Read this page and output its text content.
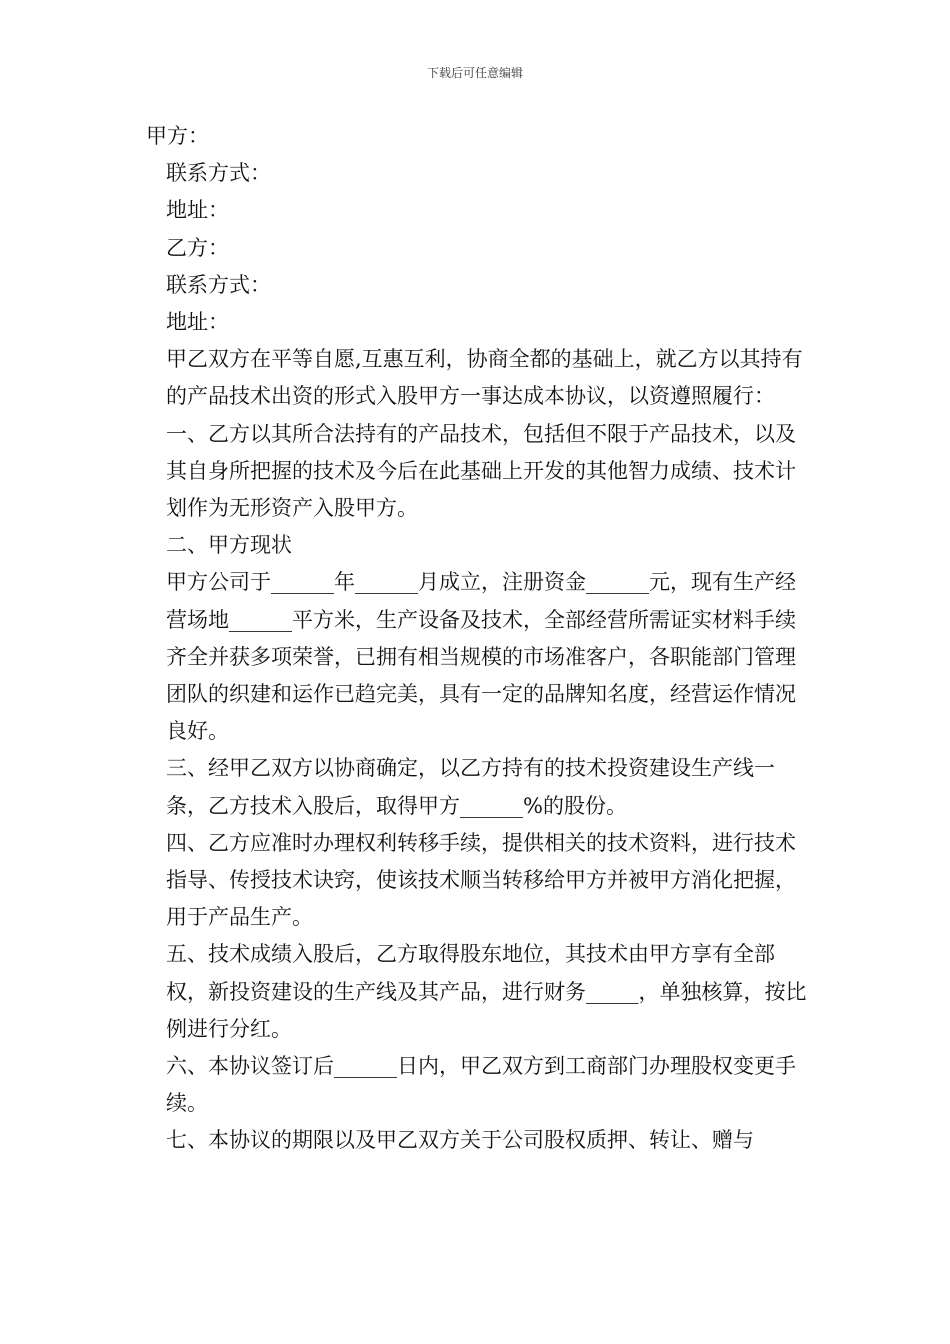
下载后可任意编辑

甲方：

联系方式：

地址：

乙方：

联系方式：

地址：

甲乙双方在平等自愿,互惠互利，协商全都的基础上，就乙方以其持有的产品技术出资的形式入股甲方一事达成本协议，以资遵照履行：

一、乙方以其所合法持有的产品技术，包括但不限于产品技术，以及其自身所把握的技术及今后在此基础上开发的其他智力成绩、技术计划作为无形资产入股甲方。

二、甲方现状

甲方公司于______年______月成立，注册资金______元，现有生产经营场地______平方米，生产设备及技术，全部经营所需证实材料手续齐全并获多项荣誉，已拥有相当规模的市场准客户，各职能部门管理团队的织建和运作已趋完美，具有一定的品牌知名度，经营运作情况良好。

三、经甲乙双方以协商确定，以乙方持有的技术投资建设生产线一条，乙方技术入股后，取得甲方______%的股份。

四、乙方应准时办理权利转移手续，提供相关的技术资料，进行技术指导、传授技术诀窍，使该技术顺当转移给甲方并被甲方消化把握，用于产品生产。

五、技术成绩入股后，乙方取得股东地位，其技术由甲方享有全部权，新投资建设的生产线及其产品，进行财务_____，单独核算，按比例进行分红。

六、本协议签订后______日内，甲乙双方到工商部门办理股权变更手续。

七、本协议的期限以及甲乙双方关于公司股权质押、转让、赠与
